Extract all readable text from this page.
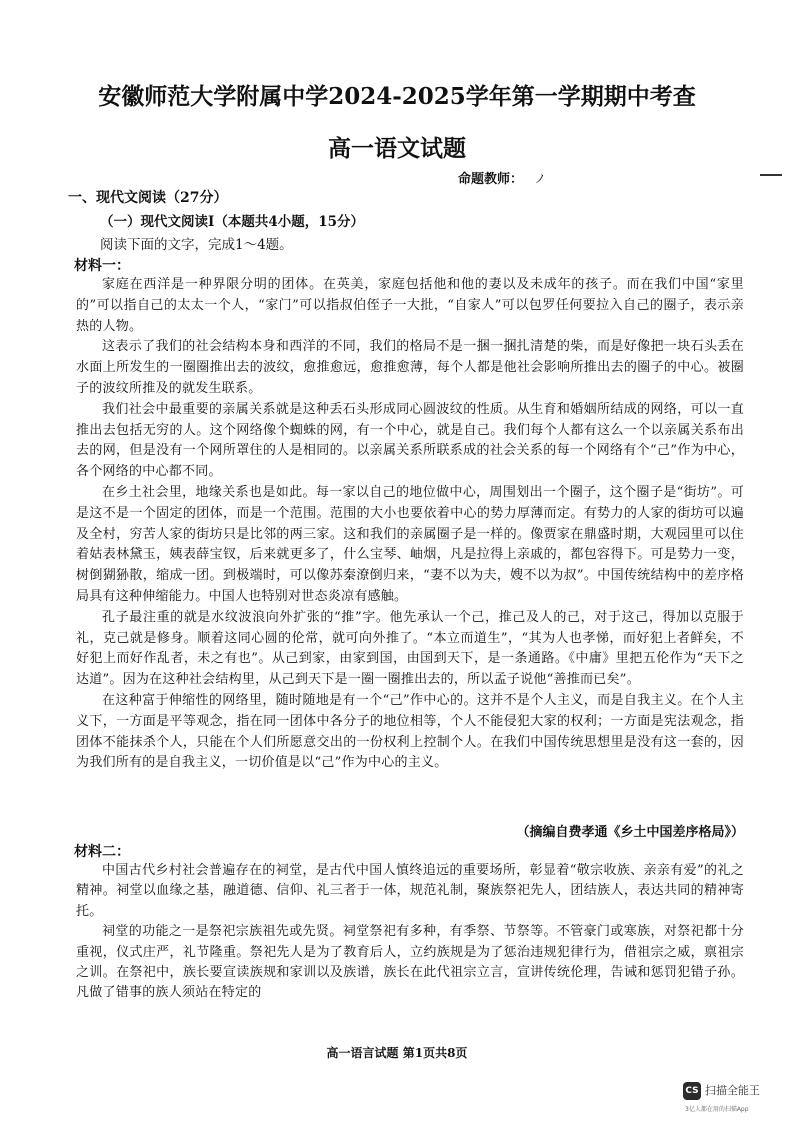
安徽师范大学附属中学2024-2025学年第一学期期中考查
高一语文试题
命题教师： ノ
一、现代文阅读（27分）
（一）现代文阅读Ⅰ（本题共4小题，15分）
阅读下面的文字，完成1～4题。
材料一：

家庭在西洋是一种界限分明的团体。在英美，家庭包括他和他的妻以及未成年的孩子。而在我们中国“家里的”可以指自己的太太一个人，“家门”可以指叔伯侄子一大批，“自家人”可以包罗任何要拉入自己的圈子，表示亲热的人物。

这表示了我们的社会结构本身和西洋的不同，我们的格局不是一捆一捆扎清楚的柴，而是好像把一块石头丢在水面上所发生的一圈圈推出去的波纹，愈推愈远，愈推愈薄，每个人都是他社会影响所推出去的圈子的中心。被圈子的波纹所推及的就发生联系。

我们社会中最重要的亲属关系就是这种丢石头形成同心圆波纹的性质。从生育和婚姻所结成的网络，可以一直推出去包括无穷的人。这个网络像个蜘蛛的网，有一个中心，就是自己。我们每个人都有这么一个以亲属关系布出去的网，但是没有一个网所罩住的人是相同的。以亲属关系所联系成的社会关系的每一个网络有个“己”作为中心，各个网络的中心都不同。

在乡土社会里，地缘关系也是如此。每一家以自己的地位做中心，周围划出一个圈子，这个圈子是“街坊”。可是这不是一个固定的团体，而是一个范围。范围的大小也要依着中心的势力厚薄而定。有势力的人家的街坊可以遍及全村，穷苦人家的街坊只是比邻的两三家。这和我们的亲属圈子是一样的。像贾家在鼎盛时期，大观园里可以住着姑表林黛玉，姨表薛宝钗，后来就更多了，什么宝琴、岫烟，凡是拉得上亲戚的，都包容得下。可是势力一变，树倒猢狲散，缩成一团。到极端时，可以像苏秦潦倒归来，“妻不以为夫，嫂不以为叔”。中国传统结构中的差序格局具有这种伸缩能力。中国人也特别对世态炎凉有感触。

孔子最注重的就是水纹波浪向外扩张的“推”字。他先承认一个己，推己及人的己，对于这己，得加以克服于礼，克己就是修身。顺着这同心圆的伦常，就可向外推了。“本立而道生”，“其为人也孝悌，而好犯上者鲜矣，不好犯上而好作乱者，未之有也”。从己到家，由家到国，由国到天下，是一条通路。《中庸》里把五伦作为“天下之达道”。因为在这种社会结构里，从己到天下是一圈一圈推出去的，所以孟子说他“善推而已矣”。

在这种富于伸缩性的网络里，随时随地是有一个“己”作中心的。这并不是个人主义，而是自我主义。在个人主义下，一方面是平等观念，指在同一团体中各分子的地位相等，个人不能侵犯大家的权利；一方面是宪法观念，指团体不能抹杀个人，只能在个人们所愿意交出的一份权利上控制个人。在我们中国传统思想里是没有这一套的，因为我们所有的是自我主义，一切价值是以“己”作为中心的主义。

（摘编自费孝通《乡土中国差序格局》）
材料二：

中国古代乡村社会普遍存在的祠堂，是古代中国人慎终追远的重要场所，彰显着“敬宗收族、亲亲有爱”的礼之精神。祠堂以血缘之基，融道德、信仰、礼三者于一体，规范礼制，聚族祭祀先人，团结族人，表达共同的精神寄托。

祠堂的功能之一是祭祀宗族祖先或先贤。祠堂祭祀有多种，有季祭、节祭等。不管豪门或寒族，对祭祀都十分重视，仪式庄严，礼节隆重。祭祀先人是为了教育后人，立约族规是为了惩治违规犯律行为，借祖宗之威，禀祖宗之训。在祭祀中，族长要宣读族规和家训以及族谱，族长在此代祖宗立言，宣讲传统伦理，告诫和惩罚犯错子孙。凡做了错事的族人须站在特定的

高一语言试题 第1页共8页
CS 扫描全能王
3亿人都在用的扫描App
